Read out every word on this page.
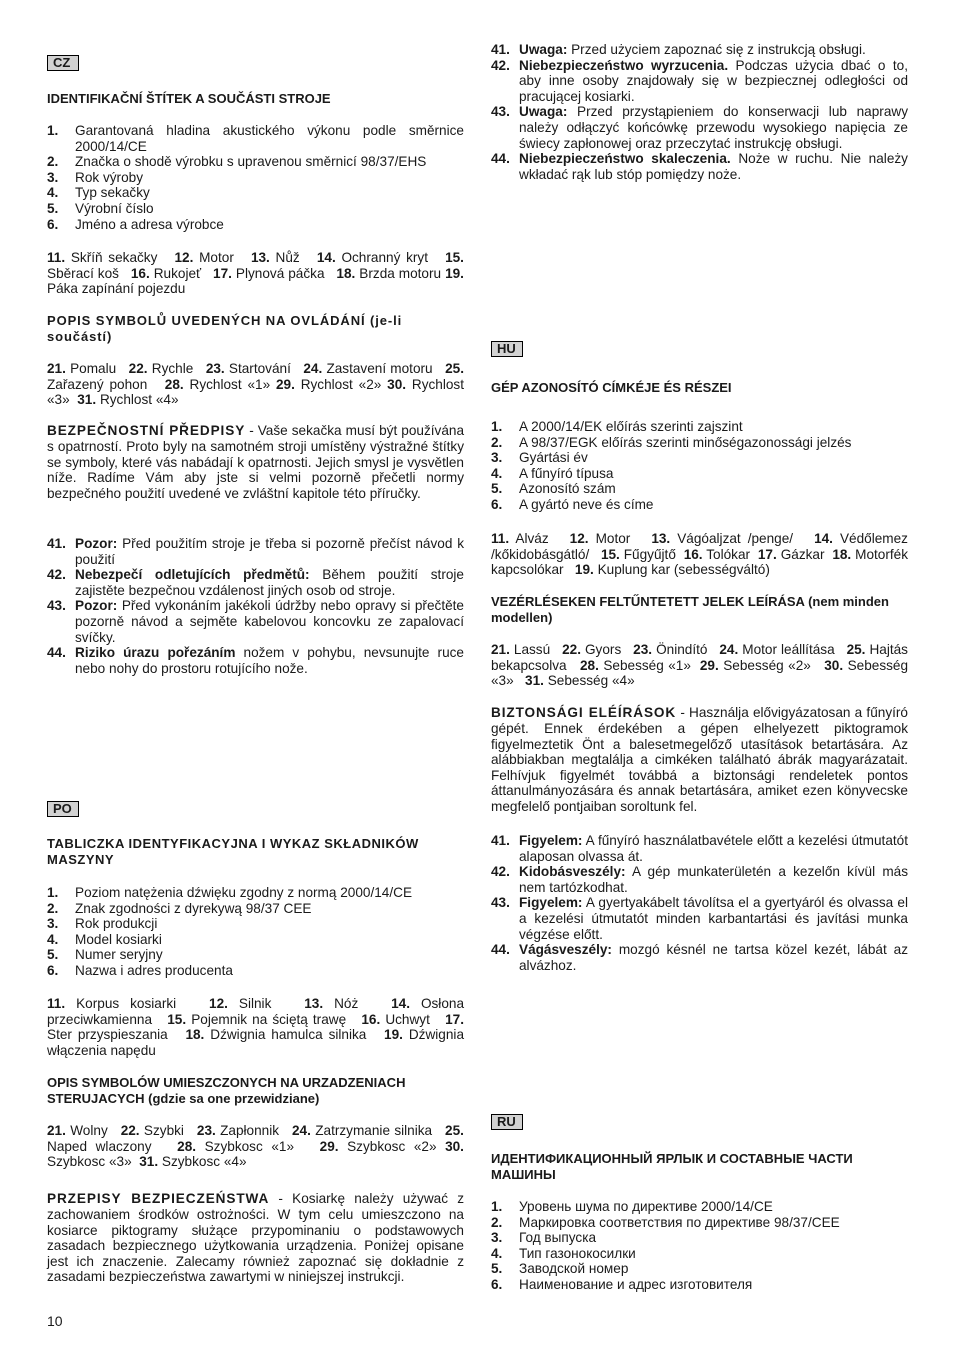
CZ
IDENTIFIKAČNÍ ŠTÍTEK A SOUČÁSTI STROJE
1.	Garantovaná hladina akustického výkonu podle směrnice 2000/14/CE
2.	Značka o shodě výrobku s upravenou směrnicí 98/37/EHS
3.	Rok výroby
4.	Typ sekačky
5.	Výrobní číslo
6.	Jméno a adresa výrobce

11. Skříň sekačky 12. Motor 13. Nůž 14. Ochranný kryt 15. Sběrací koš 16. Rukojeť 17. Plynová páčka 18. Brzda motoru 19. Páka zapínání pojezdu

POPIS SYMBOLŮ UVEDENÝCH NA OVLÁDÁNÍ (je-li součástí)

21. Pomalu 22. Rychle 23. Startování 24. Zastavení motoru 25. Zařazený pohon 28. Rychlost «1» 29. Rychlost «2» 30. Rychlost «3» 31. Rychlost «4»

BEZPEČNOSTNÍ PŘEDPISY - Vaše sekačka musí být používána s opatrností. Proto byly na samotném stroji umístěny výstražné štítky se symboly, které vás nabádají k opatrnosti. Jejich smysl je vysvětlen níže. Radíme Vám aby jste si velmi pozorně přečetli normy bezpečného použití uvedené ve zvláštní kapitole této příručky.

41. Pozor: Před použitím stroje je třeba si pozorně přečíst návod k použití
42. Nebezpečí odletujících předmětů: Během použití stroje zajistěte bezpečnou vzdálenost jiných osob od stroje.
43. Pozor: Před vykonáním jakékoli údržby nebo opravy si přečtěte pozorně návod a sejměte kabelovou koncovku ze zapalovací svíčky.
44. Riziko úrazu pořezáním nožem v pohybu, nevsunujte ruce nebo nohy do prostoru rotujícího nože.
PO
TABLICZKA IDENTYFIKACYJNA I WYKAZ SKŁADNIKÓW MASZYNY
1.	Poziom natężenia dźwięku zgodny z normą 2000/14/CE
2.	Znak zgodności z dyrekywą 98/37 CEE
3.	Rok produkcji
4.	Model kosiarki
5.	Numer seryjny
6.	Nazwa i adres producenta

11. Korpus kosiarki 12. Silnik 13. Nóż 14. Osłona przeciwkamienna 15. Pojemnik na ściętą trawę 16. Uchwyt 17. Ster przyspieszania 18. Dźwignia hamulca silnika 19. Dźwignia włączenia napędu

OPIS SYMBOLÓW UMIESZCZONYCH NA URZADZENIACH STERUJACYCH (gdzie sa one przewidziane)

21. Wolny 22. Szybki 23. Zapłonnik 24. Zatrzymanie silnika 25. Naped wlaczony 28. Szybkosc «1» 29. Szybkosc «2» 30. Szybkosc «3» 31. Szybkosc «4»

PRZEPISY BEZPIECZEŃSTWA - Kosiarkę należy używać z zachowaniem środków ostrożności. W tym celu umieszczono na kosiarce piktogramy służące przypominaniu o podstawowych zasadach bezpiecznego użytkowania urządzenia. Poniżej opisane jest ich znaczenie. Zalecamy również zapoznać się dokładnie z zasadami bezpieczeństwa zawartymi w niniejszej instrukcji.

10
41. Uwaga: Przed użyciem zapoznać się z instrukcją obsługi.
42. Niebezpieczeństwo wyrzucenia. Podczas użycia dbać o to, aby inne osoby znajdowały się w bezpiecznej odległości od pracującej kosiarki.
43. Uwaga: Przed przystąpieniem do konserwacji lub naprawy należy odłączyć końcówkę przewodu wysokiego napięcia ze świecy zapłonowej oraz przeczytać instrukcję obsługi.
44. Niebezpieczeństwo skaleczenia. Noże w ruchu. Nie należy wkładać rąk lub stóp pomiędzy noże.
HU
GÉP AZONOSÍTÓ CÍMKÉJE ÉS RÉSZEI
1.	A 2000/14/EK előírás szerinti zajszint
2.	A 98/37/EGK előírás szerinti minőségazonossági jelzés
3.	Gyártási év
4.	A fűnyíró típusa
5.	Azonosító szám
6.	A gyártó neve és címe

11. Alváz 12. Motor 13. Vágóaljzat /penge/ 14. Védőlemez /kőkidobásgátló/ 15. Fűgyűjtő 16. Tolókar 17. Gázkar 18. Motorfék kapcsolókar 19. Kuplung kar (sebességváltó)

VEZÉRLÉSEKEN FELTŰNTETETT JELEK LEÍRÁSA (nem minden modellen)

21. Lassú 22. Gyors 23. Önindító 24. Motor leállítása 25. Hajtás bekapcsolva 28. Sebesség «1» 29. Sebesség «2» 30. Sebesség «3» 31. Sebesség «4»

BIZTONSÁGI ELÉÍRÁSOK - Használja elővigyázatosan a fűnyíró gépét. Ennek érdekében a gépen elhelyezett piktogramok figyelmeztetik Önt a balesetmegelőző utasítások betartására. Az alábbiakban megtalálja a cimkéken található ábrák magyarázatait. Felhívjuk figyelmét továbbá a biztonsági rendeletek pontos áttanulmányozására és annak betartására, amiket ezen könyvecske megfelelő pontjaiban soroltunk fel.

41. Figyelem: A fűnyíró használatbavétele előtt a kezelési útmutatót alaposan olvassa át.
42. Kidobásveszély: A gép munkaterületén a kezelőn kívül más nem tartózkodhat.
43. Figyelem: A gyertyakábelt távolítsa el a gyertyáról és olvassa el a kezelési útmutatót minden karbantartási és javítási munka végzése előtt.
44. Vágásveszély: mozgó késnél ne tartsa közel kezét, lábát az alvázhoz.
RU
ИДЕНТИФИКАЦИОННЫЙ ЯРЛЫК И СОСТАВНЫЕ ЧАСТИ МАШИНЫ
1.	Уровень шума по директиве 2000/14/CE
2.	Маркировка соответствия по директиве 98/37/CEE
3.	Год выпуска
4.	Тип газонокосилки
5.	Заводской номер
6.	Наименование и адрес изготовителя
